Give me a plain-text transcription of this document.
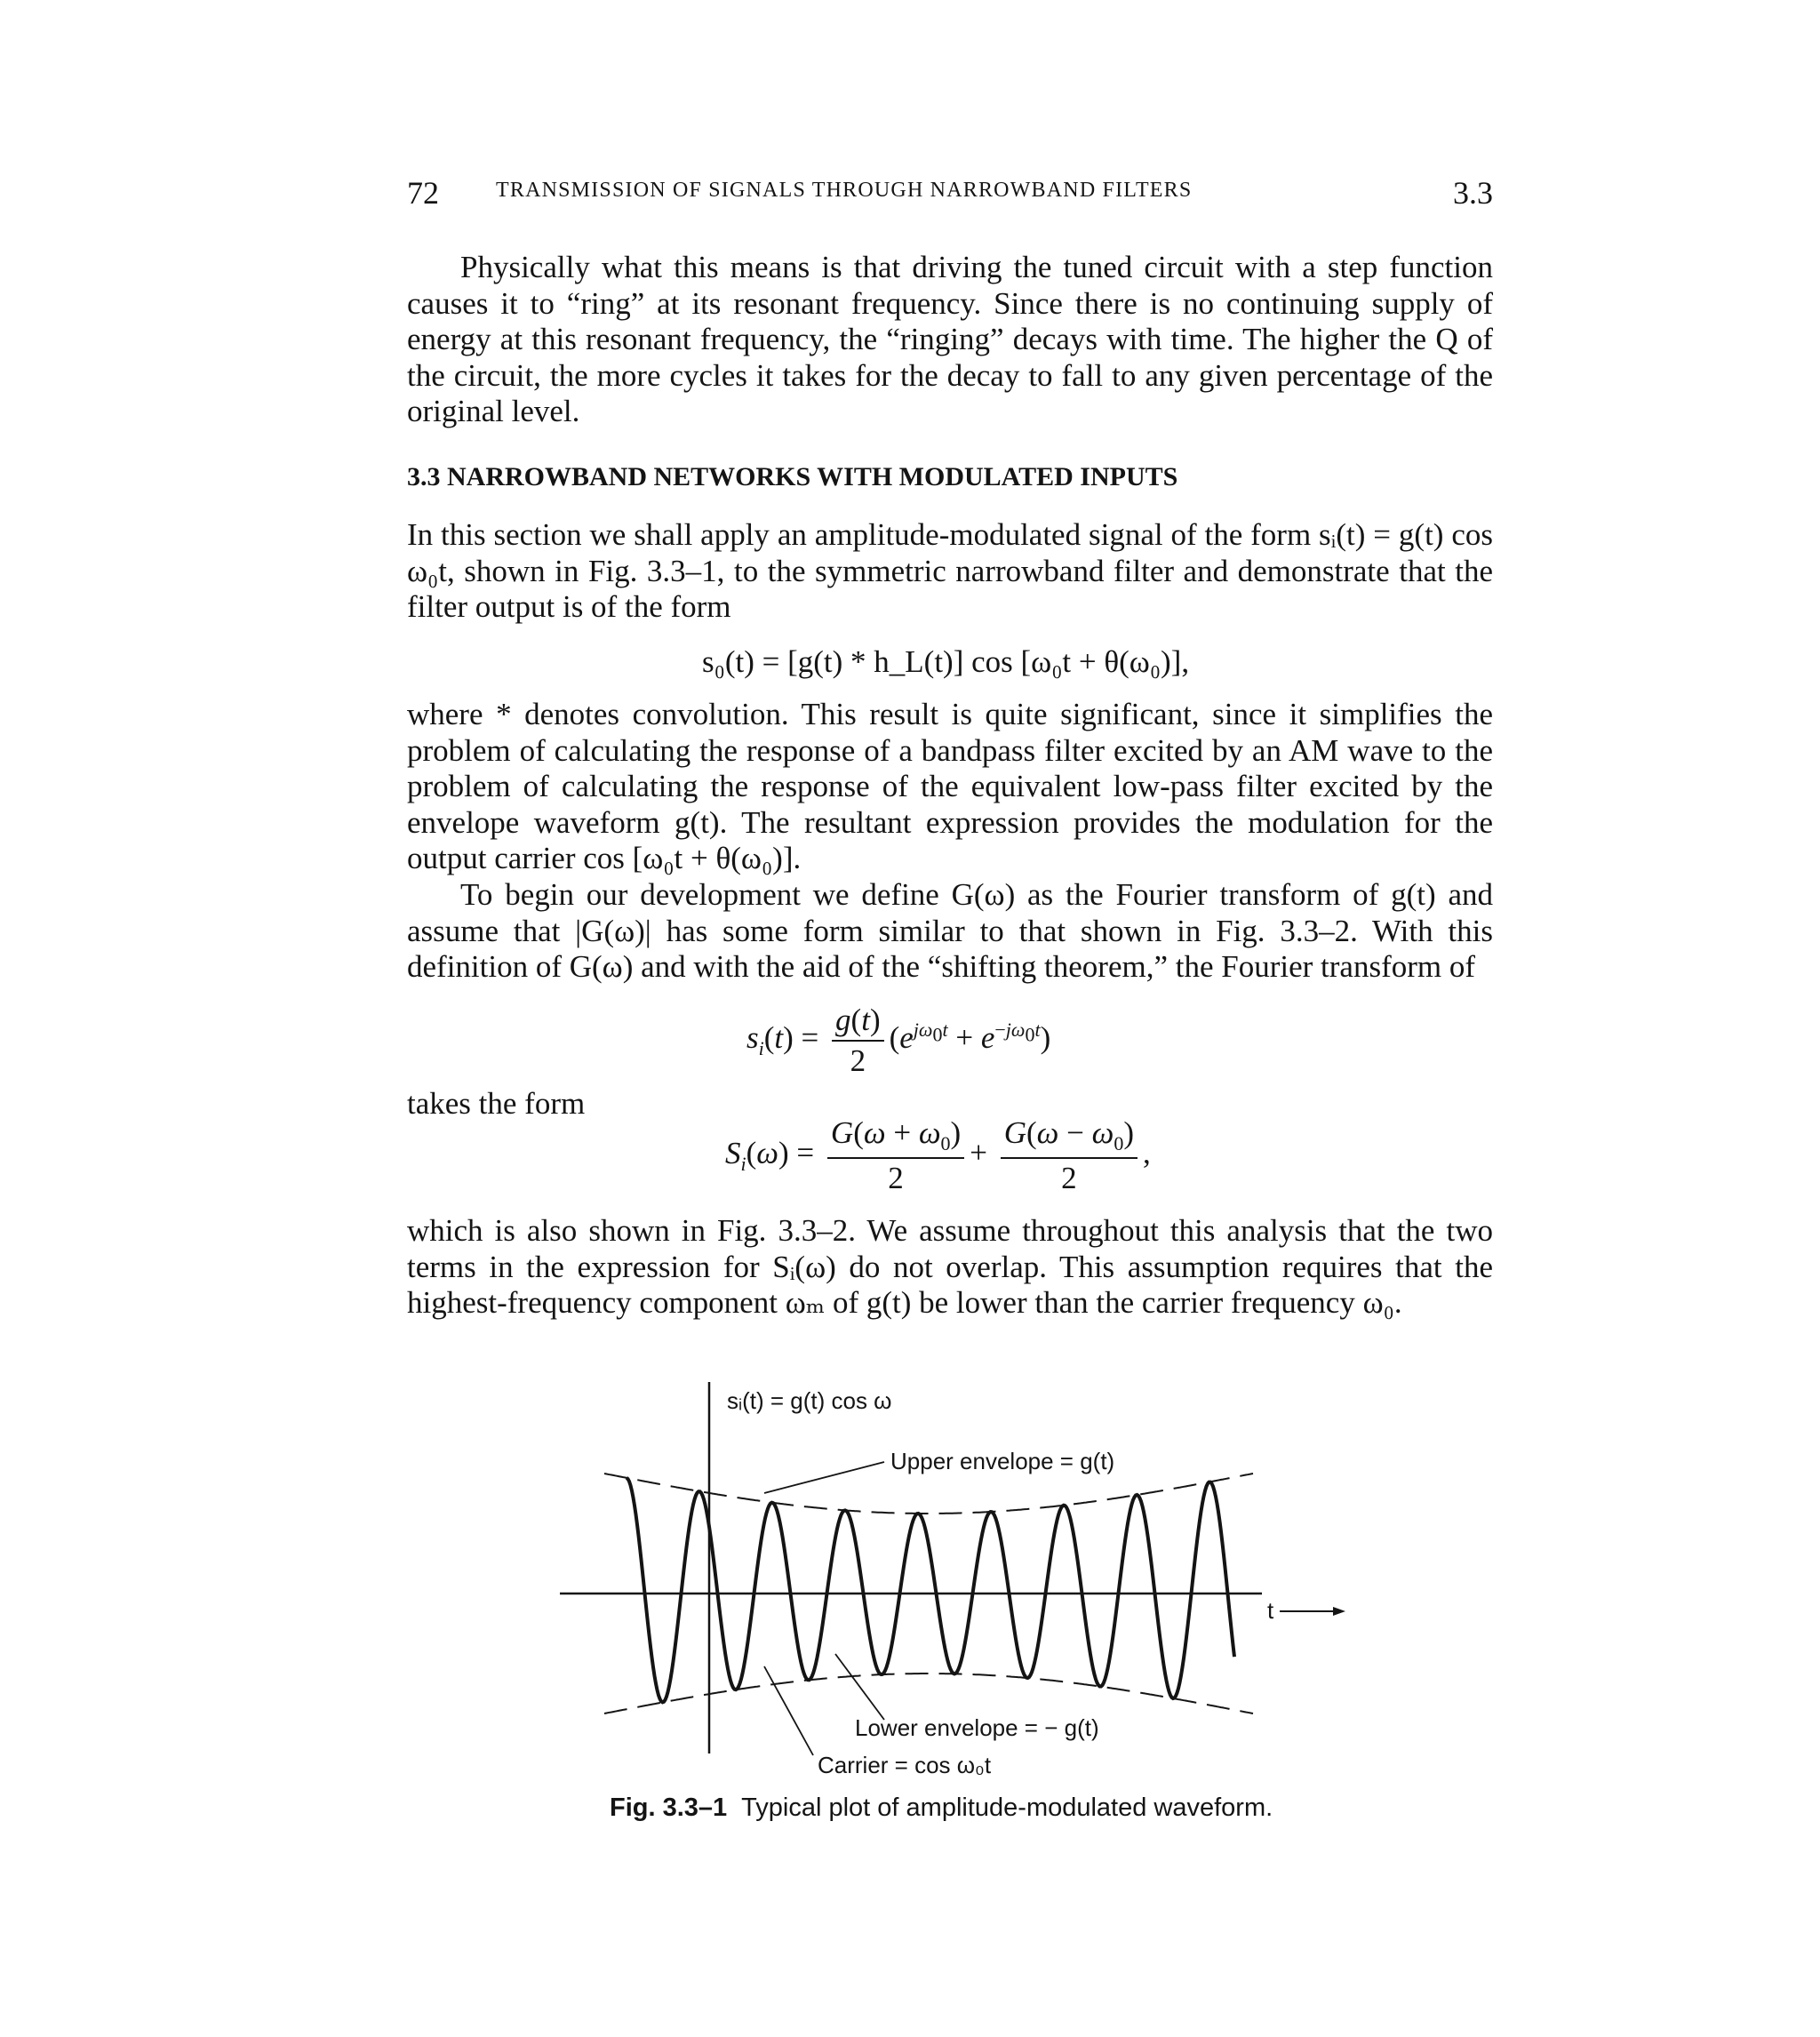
72	TRANSMISSION OF SIGNALS THROUGH NARROWBAND FILTERS	3.3

Physically what this means is that driving the tuned circuit with a step function causes it to “ring” at its resonant frequency. Since there is no continuing supply of energy at this resonant frequency, the “ringing” decays with time. The higher the Q of the circuit, the more cycles it takes for the decay to fall to any given percentage of the original level.

3.3 NARROWBAND NETWORKS WITH MODULATED INPUTS

In this section we shall apply an amplitude-modulated signal of the form sᵢ(t) = g(t) cos ω₀t, shown in Fig. 3.3–1, to the symmetric narrowband filter and demonstrate that the filter output is of the form

s₀(t) = [g(t) * h_L(t)] cos [ω₀t + θ(ω₀)],

where * denotes convolution. This result is quite significant, since it simplifies the problem of calculating the response of a bandpass filter excited by an AM wave to the problem of calculating the response of the equivalent low-pass filter excited by the envelope waveform g(t). The resultant expression provides the modulation for the output carrier cos [ω₀t + θ(ω₀)].

To begin our development we define G(ω) as the Fourier transform of g(t) and assume that |G(ω)| has some form similar to that shown in Fig. 3.3–2. With this definition of G(ω) and with the aid of the “shifting theorem,” the Fourier transform of

$s_i(t) = \frac{g(t)}{2} (e^{j\omega_0t} + e^{-j\omega_0t})$
takes the form
$S_i(\omega) = \frac{G(\omega + \omega_0)}{2} + \frac{G(\omega - \omega_0)}{2}$ ,

which is also shown in Fig. 3.3–2. We assume throughout this analysis that the two terms in the expression for Sᵢ(ω) do not overlap. This assumption requires that the highest-frequency component ωₘ of g(t) be lower than the carrier frequency ω₀.

sᵢ(t) = g(t) cos ω
Upper envelope = g(t)
Lower envelope = − g(t)
Carrier = cos ω₀t
t
Fig. 3.3–1 Typical plot of amplitude-modulated waveform.
